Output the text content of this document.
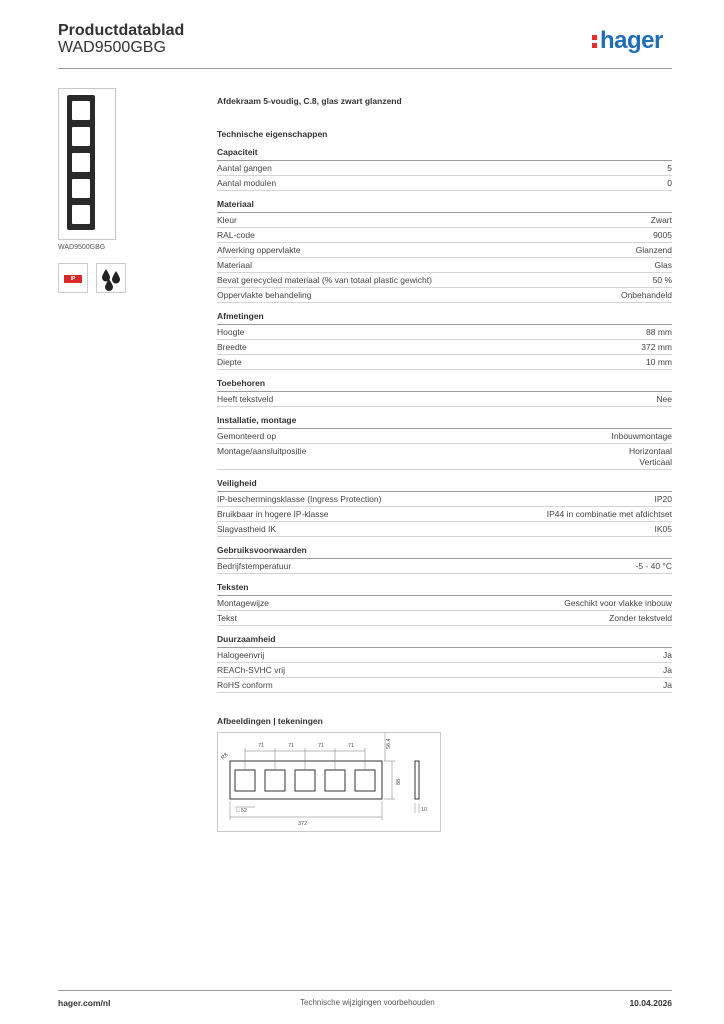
Productdatablad
WAD9500GBG	hager
WAD9500GBG
IP
Afdekraam 5-voudig, C.8, glas zwart glanzend
Technische eigenschappen
Capaciteit
Aantal gangen	5
Aantal modulen	0
Materiaal
Kleur	Zwart
RAL-code	9005
Afwerking oppervlakte	Glanzend
Materiaal	Glas
Bevat gerecycled materiaal (% van totaal plastic gewicht)	50 %
Oppervlakte behandeling	Onbehandeld
Afmetingen
Hoogte	88 mm
Breedte	372 mm
Diepte	10 mm
Toebehoren
Heeft tekstveld	Nee
Installatie, montage
Gemonteerd op	Inbouwmontage
Montage/aansluitpositie	Horizontaal
Verticaal
Veiligheid
IP-beschermingsklasse (Ingress Protection)	IP20
Bruikbaar in hogere IP-klasse	IP44 in combinatie met afdichtset
Slagvastheid IK	IK05
Gebruiksvoorwaarden
Bedrijfstemperatuur	-5 - 40 °C
Teksten
Montagewijze	Geschikt voor vlakke inbouw
Tekst	Zonder tekstveld
Duurzaamheid
Halogeenvrij	Ja
REACh-SVHC vrij	Ja
RoHS conform	Ja
Afbeeldingen | tekeningen
71	71	71	71
R8
56.4
88
□ 52
372
10
hager.com/nl	Technische wijzigingen voorbehouden	10.04.2026
